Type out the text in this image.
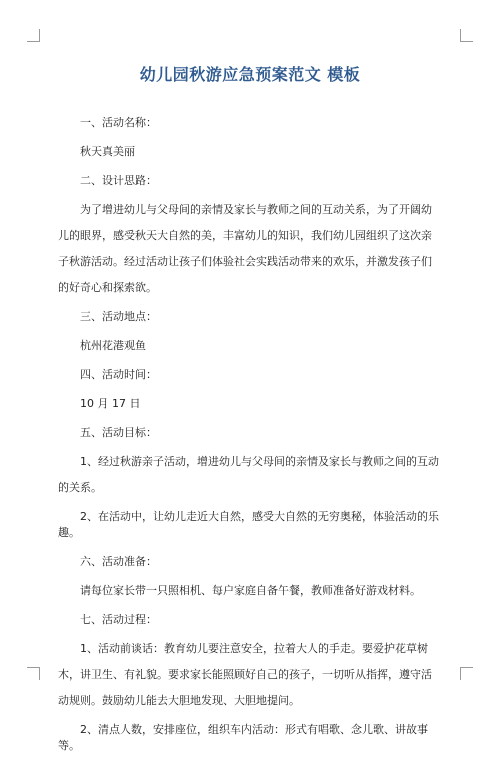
幼儿园秋游应急预案范文 模板
一、活动名称：
秋天真美丽
二、设计思路：
为了增进幼儿与父母间的亲情及家长与教师之间的互动关系，为了开阔幼儿的眼界，感受秋天大自然的美，丰富幼儿的知识，我们幼儿园组织了这次亲子秋游活动。经过活动让孩子们体验社会实践活动带来的欢乐，并激发孩子们的好奇心和探索欲。
三、活动地点：
杭州花港观鱼
四、活动时间：
10 月 17 日
五、活动目标：
1、经过秋游亲子活动，增进幼儿与父母间的亲情及家长与教师之间的互动的关系。
2、在活动中，让幼儿走近大自然，感受大自然的无穷奥秘，体验活动的乐趣。
六、活动准备：
请每位家长带一只照相机、每户家庭自备午餐，教师准备好游戏材料。
七、活动过程：
1、活动前谈话：教育幼儿要注意安全，拉着大人的手走。要爱护花草树木，讲卫生、有礼貌。要求家长能照顾好自己的孩子，一切听从指挥，遵守活动规则。鼓励幼儿能去大胆地发现、大胆地提问。
2、清点人数，安排座位，组织车内活动：形式有唱歌、念儿歌、讲故事等。
